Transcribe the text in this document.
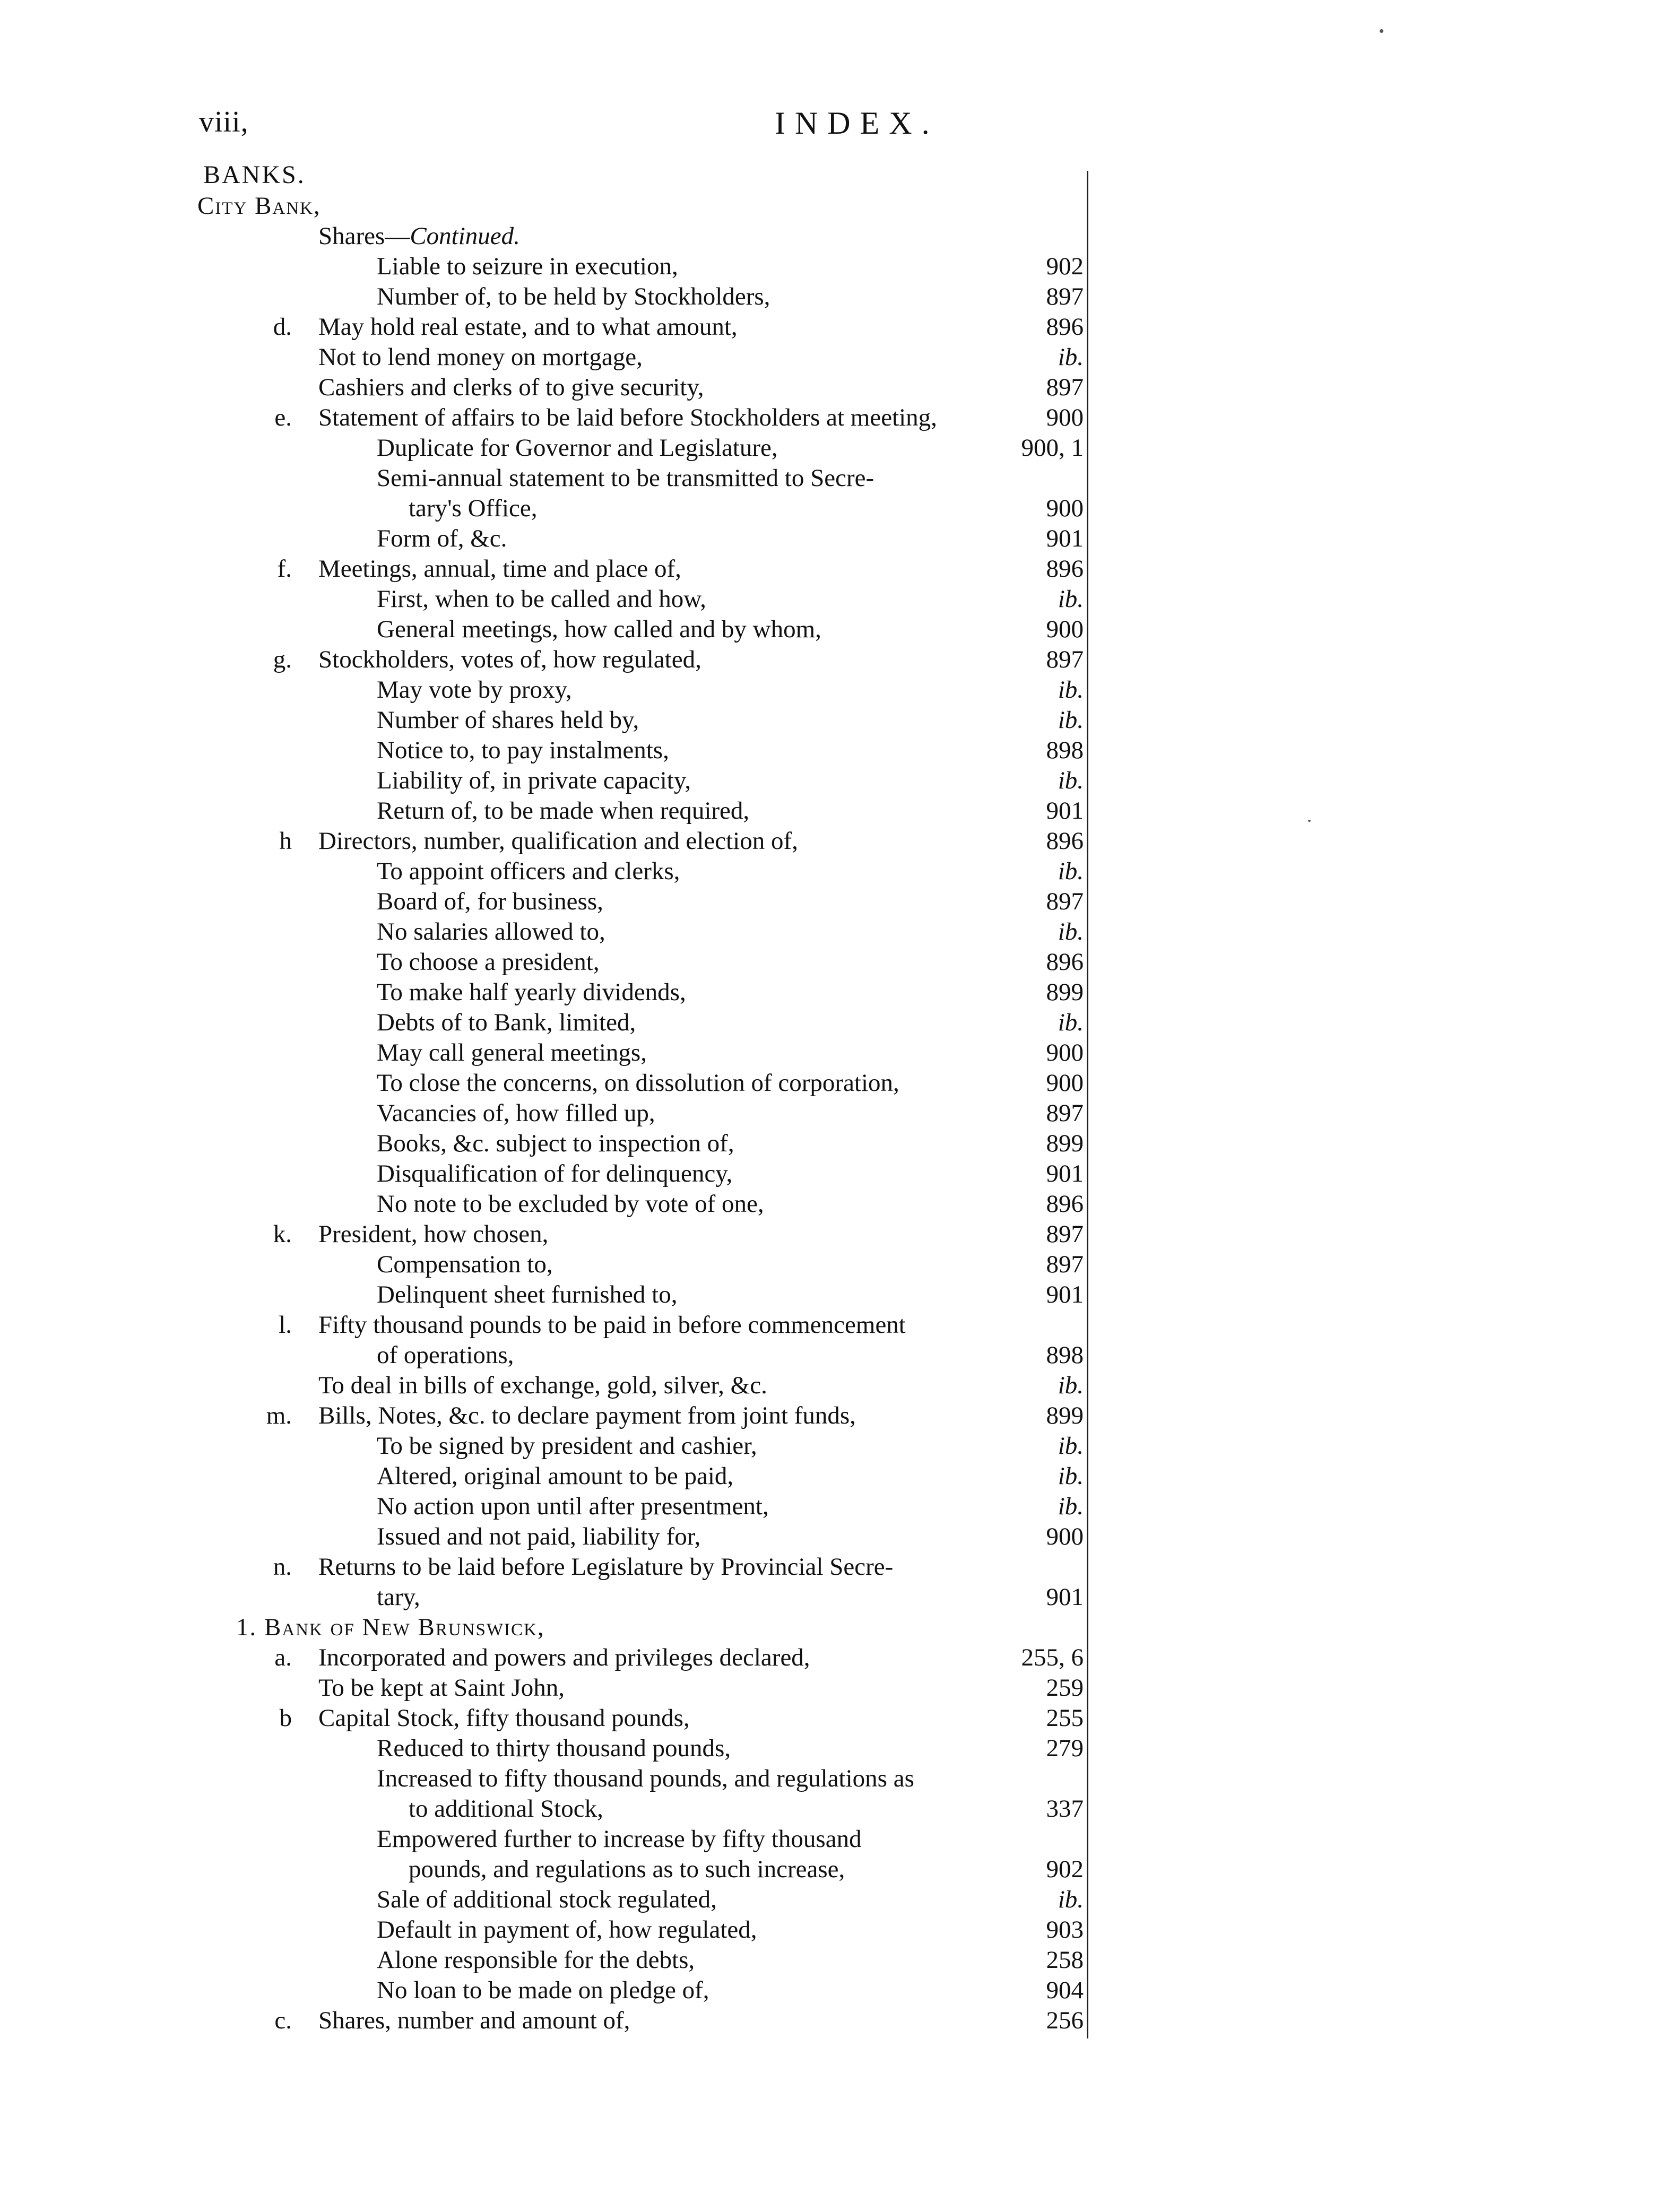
viii,	INDEX.
BANKS.
City Bank,
Shares—Continued.
Liable to seizure in execution,	902
Number of, to be held by Stockholders,	897
d. May hold real estate, and to what amount,	896
Not to lend money on mortgage,	ib.
Cashiers and clerks of to give security,	897
e. Statement of affairs to be laid before Stockholders at meeting,	900
Duplicate for Governor and Legislature,	900, 1
Semi-annual statement to be transmitted to Secre-
tary's Office,	900
Form of, &c.	901
f. Meetings, annual, time and place of,	896
First, when to be called and how,	ib.
General meetings, how called and by whom,	900
g. Stockholders, votes of, how regulated,	897
May vote by proxy,	ib.
Number of shares held by,	ib.
Notice to, to pay instalments,	898
Liability of, in private capacity,	ib.
Return of, to be made when required,	901
h Directors, number, qualification and election of,	896
To appoint officers and clerks,	ib.
Board of, for business,	897
No salaries allowed to,	ib.
To choose a president,	896
To make half yearly dividends,	899
Debts of to Bank, limited,	ib.
May call general meetings,	900
To close the concerns, on dissolution of corporation,	900
Vacancies of, how filled up,	897
Books, &c. subject to inspection of,	899
Disqualification of for delinquency,	901
No note to be excluded by vote of one,	896
k. President, how chosen,	897
Compensation to,	897
Delinquent sheet furnished to,	901
l. Fifty thousand pounds to be paid in before commencement
of operations,	898
To deal in bills of exchange, gold, silver, &c.	ib.
m. Bills, Notes, &c. to declare payment from joint funds,	899
To be signed by president and cashier,	ib.
Altered, original amount to be paid,	ib.
No action upon until after presentment,	ib.
Issued and not paid, liability for,	900
n. Returns to be laid before Legislature by Provincial Secre-
tary,	901
1. Bank of New Brunswick,
a. Incorporated and powers and privileges declared,	255, 6
To be kept at Saint John,	259
b Capital Stock, fifty thousand pounds,	255
Reduced to thirty thousand pounds,	279
Increased to fifty thousand pounds, and regulations as
to additional Stock,	337
Empowered further to increase by fifty thousand
pounds, and regulations as to such increase,	902
Sale of additional stock regulated,	ib.
Default in payment of, how regulated,	903
Alone responsible for the debts,	258
No loan to be made on pledge of,	904
c. Shares, number and amount of,	256
